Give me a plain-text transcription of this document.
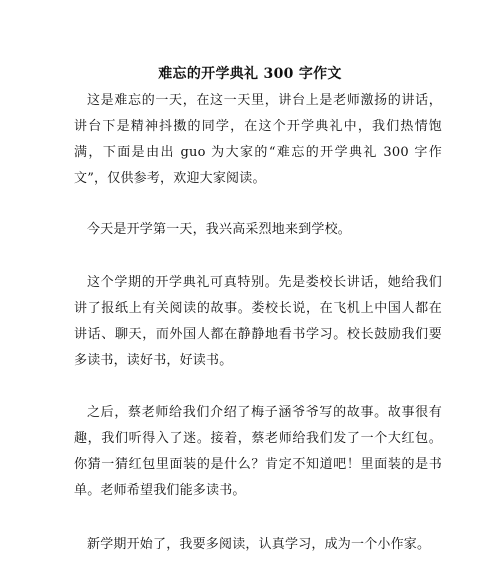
难忘的开学典礼 300 字作文

这是难忘的一天，在这一天里，讲台上是老师激扬的讲话，讲台下是精神抖擞的同学，在这个开学典礼中，我们热情饱满，下面是由出 guo 为大家的“难忘的开学典礼 300 字作文”，仅供参考，欢迎大家阅读。

今天是开学第一天，我兴高采烈地来到学校。

这个学期的开学典礼可真特别。先是娄校长讲话，她给我们讲了报纸上有关阅读的故事。娄校长说，在飞机上中国人都在讲话、聊天，而外国人都在静静地看书学习。校长鼓励我们要多读书，读好书，好读书。

之后，蔡老师给我们介绍了梅子涵爷爷写的故事。故事很有趣，我们听得入了迷。接着，蔡老师给我们发了一个大红包。你猜一猜红包里面装的是什么？肯定不知道吧！里面装的是书单。老师希望我们能多读书。

新学期开始了，我要多阅读，认真学习，成为一个小作家。
